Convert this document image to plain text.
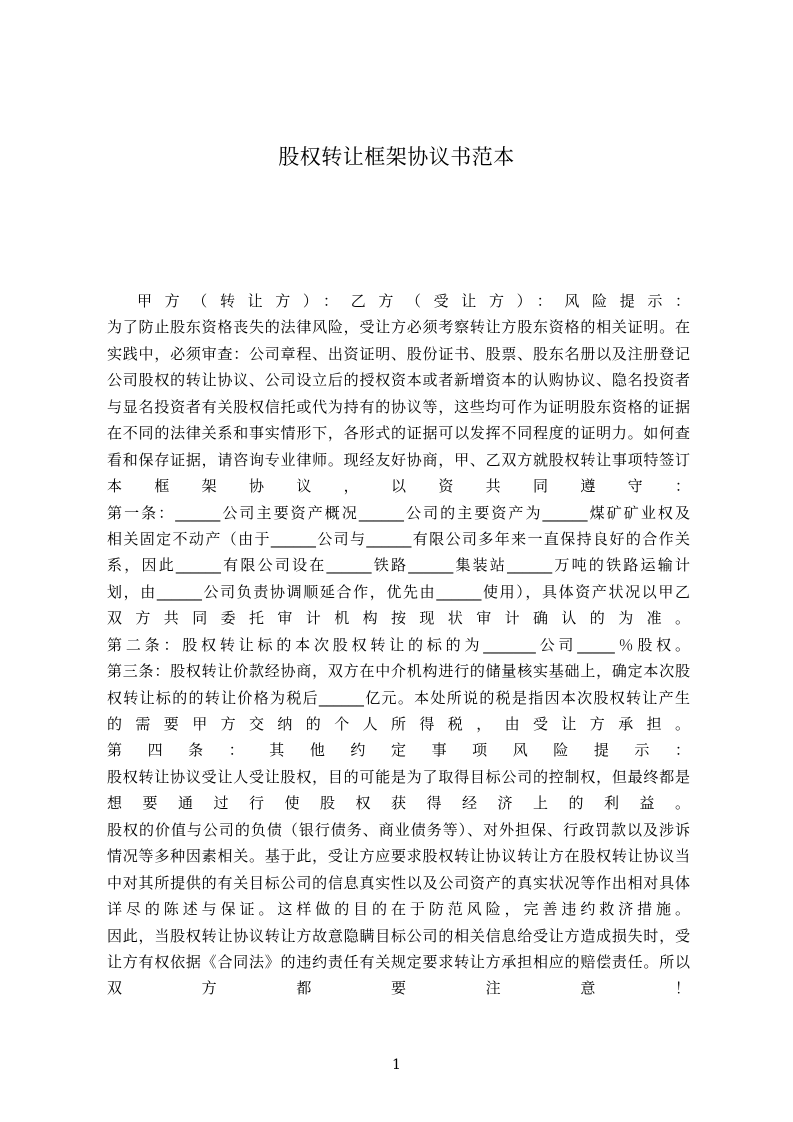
股权转让框架协议书范本
甲方（转让方）：乙方（受让方）：风险提示：
为了防止股东资格丧失的法律风险，受让方必须考察转让方股东资格的相关证明。在
实践中，必须审查：公司章程、出资证明、股份证书、股票、股东名册以及注册登记
公司股权的转让协议、公司设立后的授权资本或者新增资本的认购协议、隐名投资者
与显名投资者有关股权信托或代为持有的协议等，这些均可作为证明股东资格的证据
在不同的法律关系和事实情形下，各形式的证据可以发挥不同程度的证明力。如何查
看和保存证据，请咨询专业律师。现经友好协商，甲、乙双方就股权转让事项特签订
本框架协议，以资共同遵守：
第一条：______公司主要资产概况______公司的主要资产为______煤矿矿业权及
相关固定不动产（由于______公司与______有限公司多年来一直保持良好的合作关
系，因此______有限公司设在______铁路______集装站______万吨的铁路运输计
划，由______公司负责协调顺延合作，优先由______使用），具体资产状况以甲乙
双方共同委托审计机构按现状审计确认的为准。
第二条：股权转让标的本次股权转让的标的为_______公司_____％股权。
第三条：股权转让价款经协商，双方在中介机构进行的储量核实基础上，确定本次股
权转让标的的转让价格为税后______亿元。本处所说的税是指因本次股权转让产生
的需要甲方交纳的个人所得税，由受让方承担。
第四条：其他约定事项风险提示：
股权转让协议受让人受让股权，目的可能是为了取得目标公司的控制权，但最终都是
想要通过行使股权获得经济上的利益。
股权的价值与公司的负债（银行债务、商业债务等）、对外担保、行政罚款以及涉诉
情况等多种因素相关。基于此，受让方应要求股权转让协议转让方在股权转让协议当
中对其所提供的有关目标公司的信息真实性以及公司资产的真实状况等作出相对具体
详尽的陈述与保证。这样做的目的在于防范风险，完善违约救济措施。
因此，当股权转让协议转让方故意隐瞒目标公司的相关信息给受让方造成损失时，受
让方有权依据《合同法》的违约责任有关规定要求转让方承担相应的赔偿责任。所以
双方都要注意！
1
